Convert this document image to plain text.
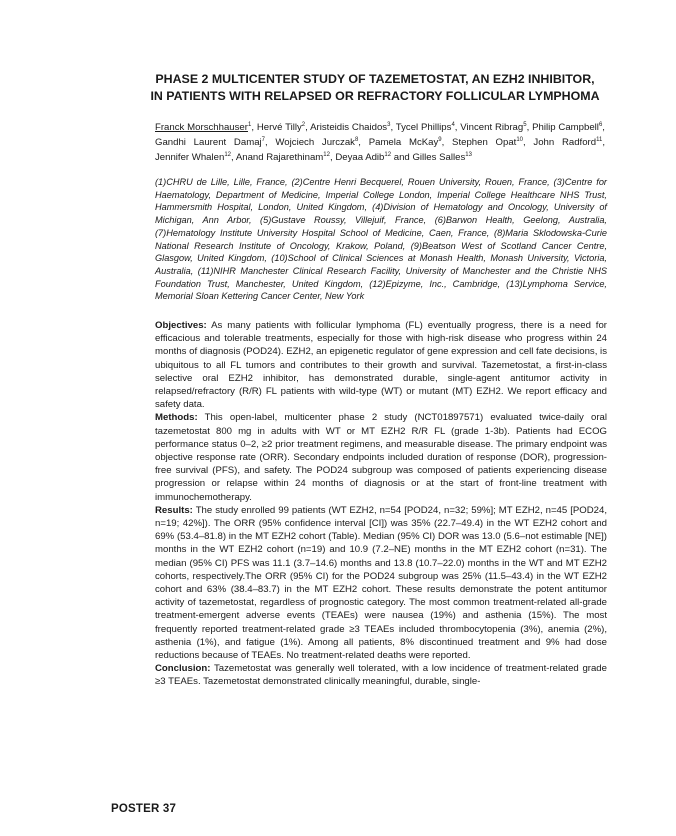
PHASE 2 MULTICENTER STUDY OF TAZEMETOSTAT, AN EZH2 INHIBITOR, IN PATIENTS WITH RELAPSED OR REFRACTORY FOLLICULAR LYMPHOMA
Franck Morschhauser$^1$, Hervé Tilly$^2$, Aristeidis Chaidos$^3$, Tycel Phillips$^4$, Vincent Ribrag$^5$, Philip Campbell$^6$, Gandhi Laurent Damaj$^7$, Wojciech Jurczak$^8$, Pamela McKay$^9$, Stephen Opat$^{10}$, John Radford$^{11}$, Jennifer Whalen$^{12}$, Anand Rajarethinam$^{12}$, Deyaa Adib$^{12}$ and Gilles Salles$^{13}$
(1)CHRU de Lille, Lille, France, (2)Centre Henri Becquerel, Rouen University, Rouen, France, (3)Centre for Haematology, Department of Medicine, Imperial College London, Imperial College Healthcare NHS Trust, Hammersmith Hospital, London, United Kingdom, (4)Division of Hematology and Oncology, University of Michigan, Ann Arbor, (5)Gustave Roussy, Villejuif, France, (6)Barwon Health, Geelong, Australia, (7)Hematology Institute University Hospital School of Medicine, Caen, France, (8)Maria Sklodowska-Curie National Research Institute of Oncology, Krakow, Poland, (9)Beatson West of Scotland Cancer Centre, Glasgow, United Kingdom, (10)School of Clinical Sciences at Monash Health, Monash University, Victoria, Australia, (11)NIHR Manchester Clinical Research Facility, University of Manchester and the Christie NHS Foundation Trust, Manchester, United Kingdom, (12)Epizyme, Inc., Cambridge, (13)Lymphoma Service, Memorial Sloan Kettering Cancer Center, New York

Objectives: As many patients with follicular lymphoma (FL) eventually progress, there is a need for efficacious and tolerable treatments, especially for those with high-risk disease who progress within 24 months of diagnosis (POD24). EZH2, an epigenetic regulator of gene expression and cell fate decisions, is ubiquitous to all FL tumors and contributes to their growth and survival. Tazemetostat, a first-in-class selective oral EZH2 inhibitor, has demonstrated durable, single-agent antitumor activity in relapsed/refractory (R/R) FL patients with wild-type (WT) or mutant (MT) EZH2. We report efficacy and safety data.

Methods: This open-label, multicenter phase 2 study (NCT01897571) evaluated twice-daily oral tazemetostat 800 mg in adults with WT or MT EZH2 R/R FL (grade 1-3b). Patients had ECOG performance status 0–2, ≥2 prior treatment regimens, and measurable disease. The primary endpoint was objective response rate (ORR). Secondary endpoints included duration of response (DOR), progression-free survival (PFS), and safety. The POD24 subgroup was composed of patients experiencing disease progression or relapse within 24 months of diagnosis or at the start of front-line treatment with immunochemotherapy.

Results: The study enrolled 99 patients (WT EZH2, n=54 [POD24, n=32; 59%]; MT EZH2, n=45 [POD24, n=19; 42%]). The ORR (95% confidence interval [CI]) was 35% (22.7–49.4) in the WT EZH2 cohort and 69% (53.4–81.8) in the MT EZH2 cohort (Table). Median (95% CI) DOR was 13.0 (5.6–not estimable [NE]) months in the WT EZH2 cohort (n=19) and 10.9 (7.2–NE) months in the MT EZH2 cohort (n=31). The median (95% CI) PFS was 11.1 (3.7–14.6) months and 13.8 (10.7–22.0) months in the WT and MT EZH2 cohorts, respectively.The ORR (95% CI) for the POD24 subgroup was 25% (11.5–43.4) in the WT EZH2 cohort and 63% (38.4–83.7) in the MT EZH2 cohort. These results demonstrate the potent antitumor activity of tazemetostat, regardless of prognostic category. The most common treatment-related all-grade treatment-emergent adverse events (TEAEs) were nausea (19%) and asthenia (15%). The most frequently reported treatment-related grade ≥3 TEAEs included thrombocytopenia (3%), anemia (2%), asthenia (1%), and fatigue (1%). Among all patients, 8% discontinued treatment and 9% had dose reductions because of TEAEs. No treatment-related deaths were reported.

Conclusion: Tazemetostat was generally well tolerated, with a low incidence of treatment-related grade ≥3 TEAEs. Tazemetostat demonstrated clinically meaningful, durable, single-

POSTER 37
